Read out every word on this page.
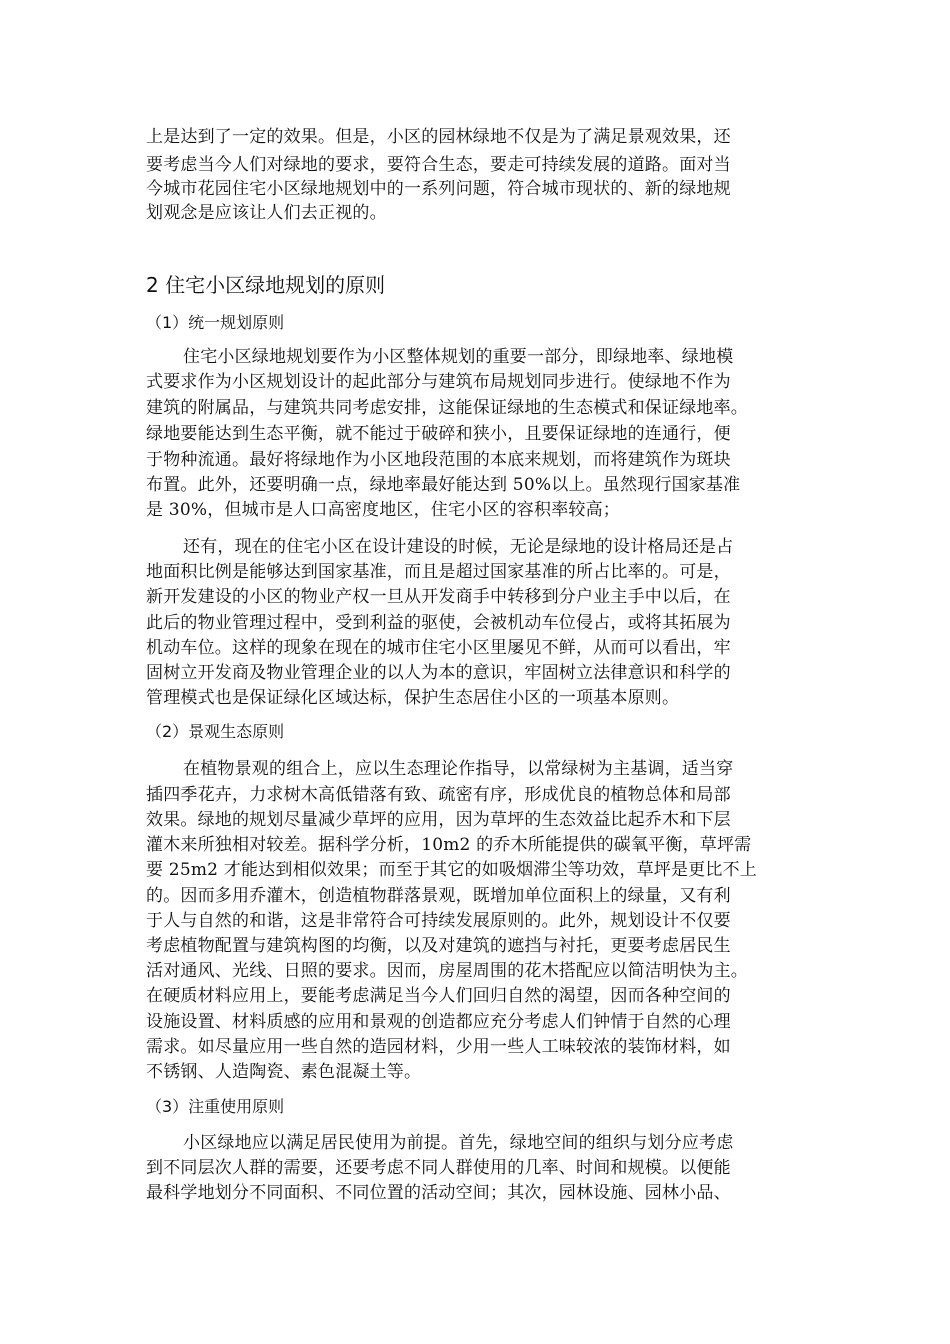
上是达到了一定的效果。但是，小区的园林绿地不仅是为了满足景观效果，还
要考虑当今人们对绿地的要求，要符合生态，要走可持续发展的道路。面对当
今城市花园住宅小区绿地规划中的一系列问题，符合城市现状的、新的绿地规
划观念是应该让人们去正视的。
2 住宅小区绿地规划的原则
（1）统一规划原则
住宅小区绿地规划要作为小区整体规划的重要一部分，即绿地率、绿地模
式要求作为小区规划设计的起此部分与建筑布局规划同步进行。使绿地不作为
建筑的附属品，与建筑共同考虑安排，这能保证绿地的生态模式和保证绿地率。
绿地要能达到生态平衡，就不能过于破碎和狭小，且要保证绿地的连通行，便
于物种流通。最好将绿地作为小区地段范围的本底来规划，而将建筑作为斑块
布置。此外，还要明确一点，绿地率最好能达到 50%以上。虽然现行国家基准
是 30%，但城市是人口高密度地区，住宅小区的容积率较高；
还有，现在的住宅小区在设计建设的时候，无论是绿地的设计格局还是占
地面积比例是能够达到国家基准，而且是超过国家基准的所占比率的。可是，
新开发建设的小区的物业产权一旦从开发商手中转移到分户业主手中以后，在
此后的物业管理过程中，受到利益的驱使，会被机动车位侵占，或将其拓展为
机动车位。这样的现象在现在的城市住宅小区里屡见不鲜，从而可以看出，牢
固树立开发商及物业管理企业的以人为本的意识，牢固树立法律意识和科学的
管理模式也是保证绿化区域达标，保护生态居住小区的一项基本原则。
（2）景观生态原则
在植物景观的组合上，应以生态理论作指导，以常绿树为主基调，适当穿
插四季花卉，力求树木高低错落有致、疏密有序，形成优良的植物总体和局部
效果。绿地的规划尽量减少草坪的应用，因为草坪的生态效益比起乔木和下层
灌木来所独相对较差。据科学分析，10m2 的乔木所能提供的碳氧平衡，草坪需
要 25m2 才能达到相似效果；而至于其它的如吸烟滞尘等功效，草坪是更比不上
的。因而多用乔灌木，创造植物群落景观，既增加单位面积上的绿量，又有利
于人与自然的和谐，这是非常符合可持续发展原则的。此外，规划设计不仅要
考虑植物配置与建筑构图的均衡，以及对建筑的遮挡与衬托，更要考虑居民生
活对通风、光线、日照的要求。因而，房屋周围的花木搭配应以简洁明快为主。
在硬质材料应用上，要能考虑满足当今人们回归自然的渴望，因而各种空间的
设施设置、材料质感的应用和景观的创造都应充分考虑人们钟情于自然的心理
需求。如尽量应用一些自然的造园材料，少用一些人工味较浓的装饰材料，如
不锈钢、人造陶瓷、素色混凝土等。
（3）注重使用原则
小区绿地应以满足居民使用为前提。首先，绿地空间的组织与划分应考虑
到不同层次人群的需要，还要考虑不同人群使用的几率、时间和规模。以便能
最科学地划分不同面积、不同位置的活动空间；其次，园林设施、园林小品、
